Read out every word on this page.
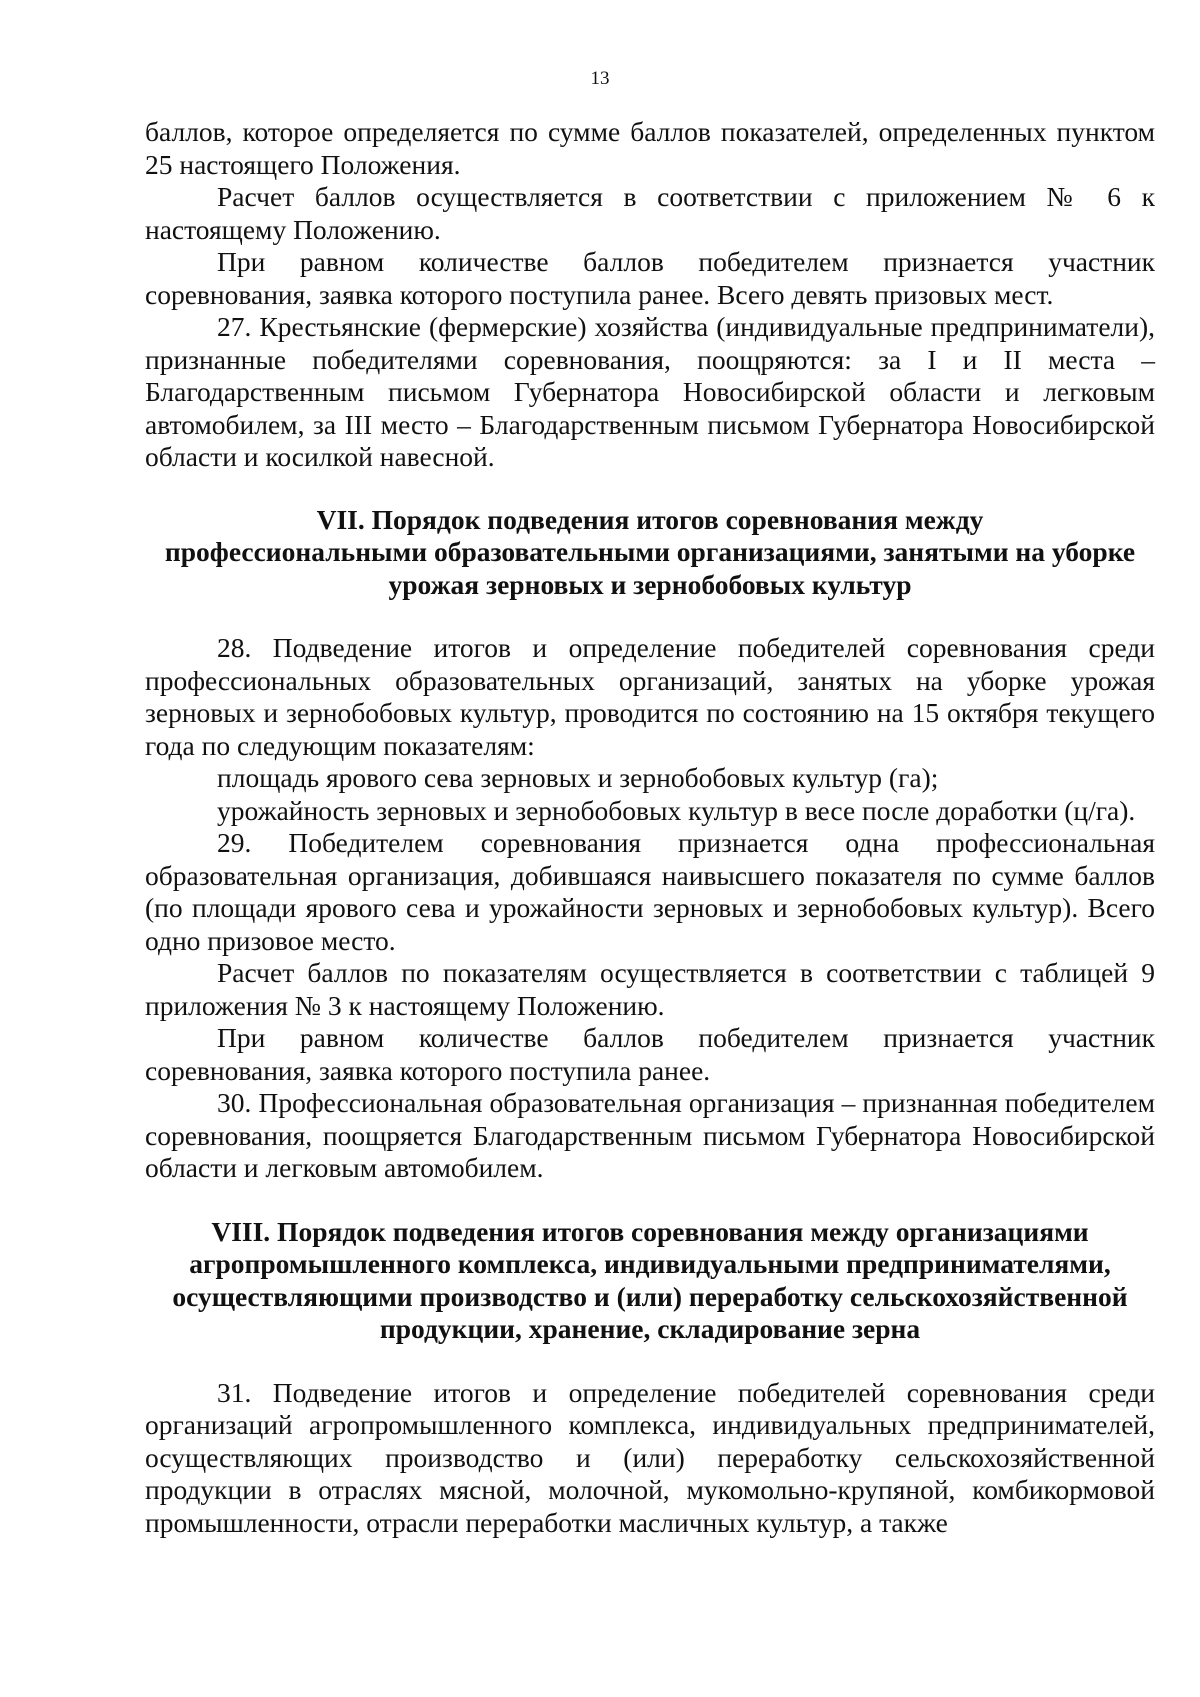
13

баллов, которое определяется по сумме баллов показателей, определенных пунктом 25 настоящего Положения.

Расчет баллов осуществляется в соответствии с приложением № 6 к настоящему Положению.

При равном количестве баллов победителем признается участник соревнования, заявка которого поступила ранее. Всего девять призовых мест.

27. Крестьянские (фермерские) хозяйства (индивидуальные предприниматели), признанные победителями соревнования, поощряются: за I и II места – Благодарственным письмом Губернатора Новосибирской области и легковым автомобилем, за III место – Благодарственным письмом Губернатора Новосибирской области и косилкой навесной.

VII. Порядок подведения итогов соревнования между
профессиональными образовательными организациями, занятыми на уборке
урожая зерновых и зернобобовых культур

28. Подведение итогов и определение победителей соревнования среди профессиональных образовательных организаций, занятых на уборке урожая зерновых и зернобобовых культур, проводится по состоянию на 15 октября текущего года по следующим показателям:

площадь ярового сева зерновых и зернобобовых культур (га);

урожайность зерновых и зернобобовых культур в весе после доработки (ц/га).

29. Победителем соревнования признается одна профессиональная образовательная организация, добившаяся наивысшего показателя по сумме баллов (по площади ярового сева и урожайности зерновых и зернобобовых культур). Всего одно призовое место.

Расчет баллов по показателям осуществляется в соответствии с таблицей 9 приложения № 3 к настоящему Положению.

При равном количестве баллов победителем признается участник соревнования, заявка которого поступила ранее.

30. Профессиональная образовательная организация – признанная победителем соревнования, поощряется Благодарственным письмом Губернатора Новосибирской области и легковым автомобилем.

VIII. Порядок подведения итогов соревнования между организациями
агропромышленного комплекса, индивидуальными предпринимателями,
осуществляющими производство и (или) переработку сельскохозяйственной
продукции, хранение, складирование зерна

31. Подведение итогов и определение победителей соревнования среди организаций агропромышленного комплекса, индивидуальных предпринимателей, осуществляющих производство и (или) переработку сельскохозяйственной продукции в отраслях мясной, молочной, мукомольно-крупяной, комбикормовой промышленности, отрасли переработки масличных культур, а также
